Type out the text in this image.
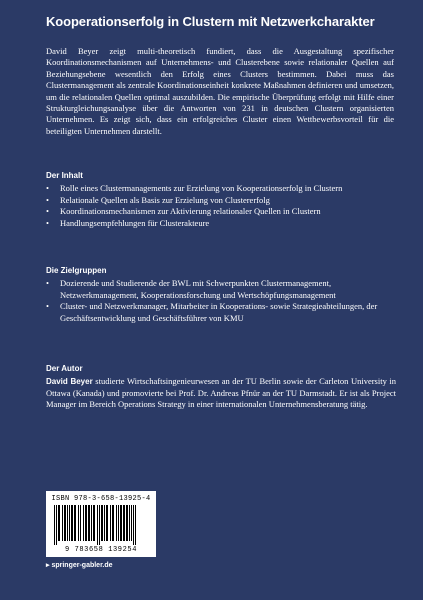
Kooperationserfolg in Clustern mit Netzwerkcharakter
David Beyer zeigt multi-theoretisch fundiert, dass die Ausgestaltung spezifischer Koordinationsmechanismen auf Unternehmens- und Clusterebene sowie relationaler Quellen auf Beziehungsebene wesentlich den Erfolg eines Clusters bestimmen. Dabei muss das Clustermanagement als zentrale Koordinationseinheit konkrete Maßnahmen definieren und umsetzen, um die relationalen Quellen optimal auszubilden. Die empirische Überprüfung erfolgt mit Hilfe einer Strukturgleichungsanalyse über die Antworten von 231 in deutschen Clustern organisierten Unternehmen. Es zeigt sich, dass ein erfolgreiches Cluster einen Wettbewerbsvorteil für die beteiligten Unternehmen darstellt.
Der Inhalt
• Rolle eines Clustermanagements zur Erzielung von Kooperationserfolg in Clustern
• Relationale Quellen als Basis zur Erzielung von Clustererfolg
• Koordinationsmechanismen zur Aktivierung relationaler Quellen in Clustern
• Handlungsempfehlungen für Clusterakteure
Die Zielgruppen
• Dozierende und Studierende der BWL mit Schwerpunkten Clustermanagement, Netzwerkmanagement, Kooperationsforschung und Wertschöpfungsmanagement
• Cluster- und Netzwerkmanager, Mitarbeiter in Kooperations- sowie Strategieabteilungen, der Geschäftsentwicklung und Geschäftsführer von KMU
Der Autor
David Beyer studierte Wirtschaftsingenieurwesen an der TU Berlin sowie der Carleton University in Ottawa (Kanada) und promovierte bei Prof. Dr. Andreas Pfnür an der TU Darmstadt. Er ist als Project Manager im Bereich Operations Strategy in einer internationalen Unternehmensberatung tätig.
ISBN 978-3-658-13925-4
9 783658 139254
▸ springer-gabler.de
